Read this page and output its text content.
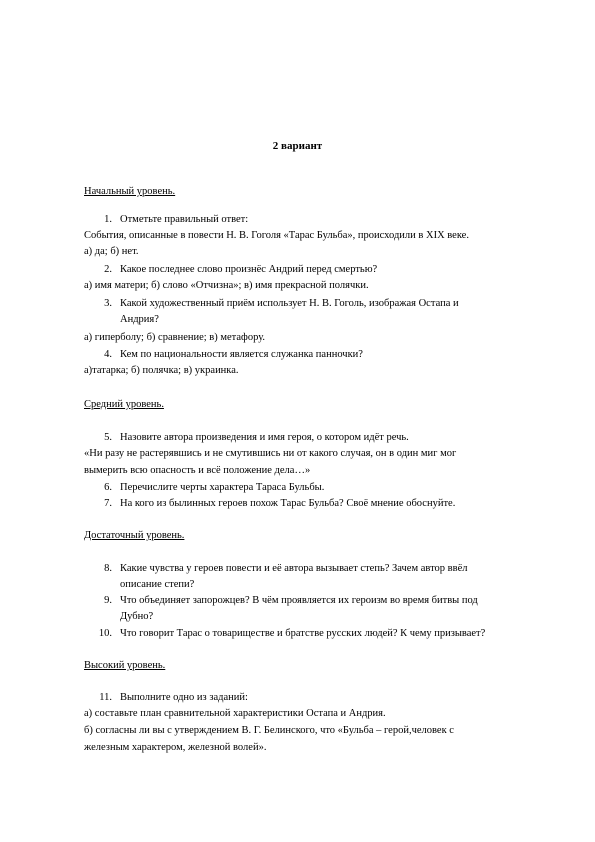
2 вариант
Начальный уровень.
1. Отметьте правильный ответ:
События, описанные в повести Н. В. Гоголя «Тарас Бульба», происходили в XIX веке.
а) да; б) нет.
2. Какое последнее слово произнёс Андрий перед смертью?
а) имя матери; б) слово «Отчизна»; в) имя прекрасной полячки.
3. Какой художественный приём использует Н. В. Гоголь, изображая Остапа и
Андрия?
а) гиперболу; б) сравнение; в) метафору.
4. Кем по национальности является служанка панночки?
а)татарка; б) полячка; в) украинка.
Средний уровень.
5. Назовите автора произведения и имя героя, о котором идёт речь.
«Ни разу не растерявшись и не смутившись ни от какого случая, он в один миг мог
вымерить всю опасность и всё положение дела…»
6. Перечислите черты характера Тараса Бульбы.
7. На кого из былинных героев похож Тарас Бульба? Своё мнение обоснуйте.
Достаточный уровень.
8. Какие чувства у героев повести и её автора вызывает степь? Зачем автор ввёл
описание степи?
9. Что объединяет запорожцев? В чём проявляется их героизм во время битвы под
Дубно?
10. Что говорит Тарас о товариществе и братстве русских людей? К чему призывает?
Высокий уровень.
11. Выполните одно из заданий:
а) составьте план сравнительной характеристики Остапа и Андрия.
б) согласны ли вы с утверждением В. Г. Белинского, что «Бульба – герой,человек с
железным характером, железной волей».
